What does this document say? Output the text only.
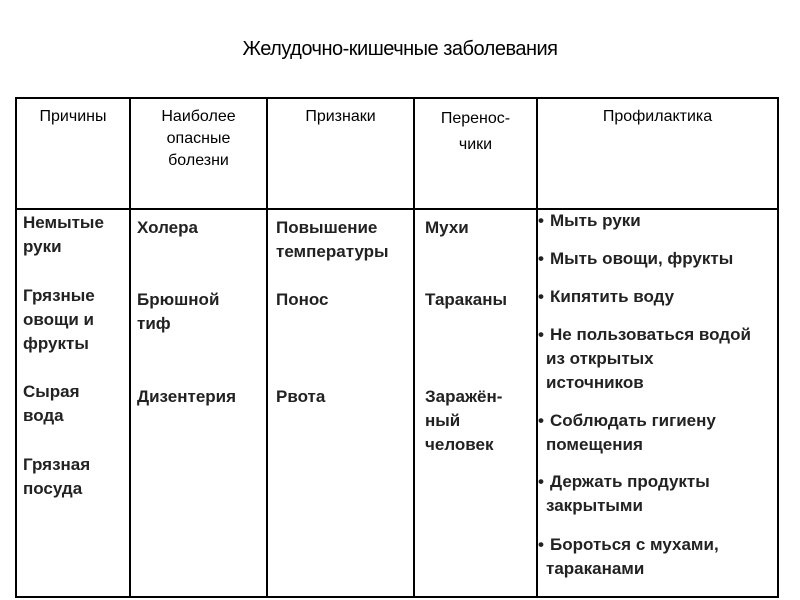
Желудочно-кишечные заболевания
Причины	Наиболее
опасные
болезни
Признаки	Перенос-
чики
Профилактика
Немытые
руки
Грязные
овощи и
фрукты
Сырая
вода
Грязная
посуда
Холера
Брюшной
тиф
Дизентерия
Повышение
температуры
Понос
Рвота
Мухи
Тараканы
Заражён-
ный
человек
• Мыть руки
• Мыть овощи, фрукты
• Кипятить воду
• Не пользоваться водой
из открытых
источников
• Соблюдать гигиену
помещения
• Держать продукты
закрытыми
• Бороться с мухами,
тараканами
